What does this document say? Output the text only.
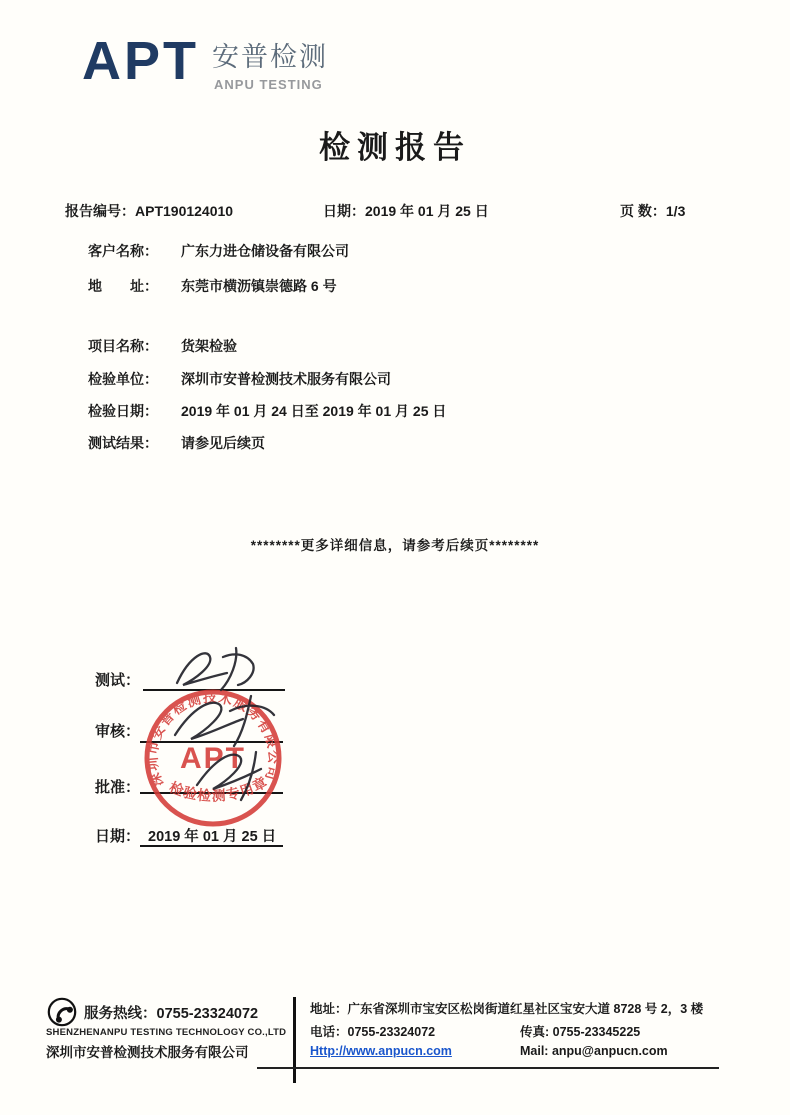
APT 安普检测
ANPU TESTING
检测报告
报告编号：APT190124010	日期：2019 年 01 月 25 日	页 数：1/3
客户名称： 广东力进仓储设备有限公司
地　　址： 东莞市横沥镇崇德路 6 号
项目名称： 货架检验
检验单位： 深圳市安普检测技术服务有限公司
检验日期： 2019 年 01 月 24 日至 2019 年 01 月 25 日
测试结果： 请参见后续页
********更多详细信息，请参考后续页********
测试：
审核：
批准：
日期： 2019 年 01 月 25 日
深圳市安普检测技术服务有限公司
APT
检验检测专用章
服务热线：0755-23324072
SHENZHENANPU TESTING TECHNOLOGY CO.,LTD
深圳市安普检测技术服务有限公司
地址：广东省深圳市宝安区松岗街道红星社区宝安大道 8728 号 2，3 楼
电话：0755-23324072	传真: 0755-23345225
Http://www.anpucn.com	Mail: anpu@anpucn.com
